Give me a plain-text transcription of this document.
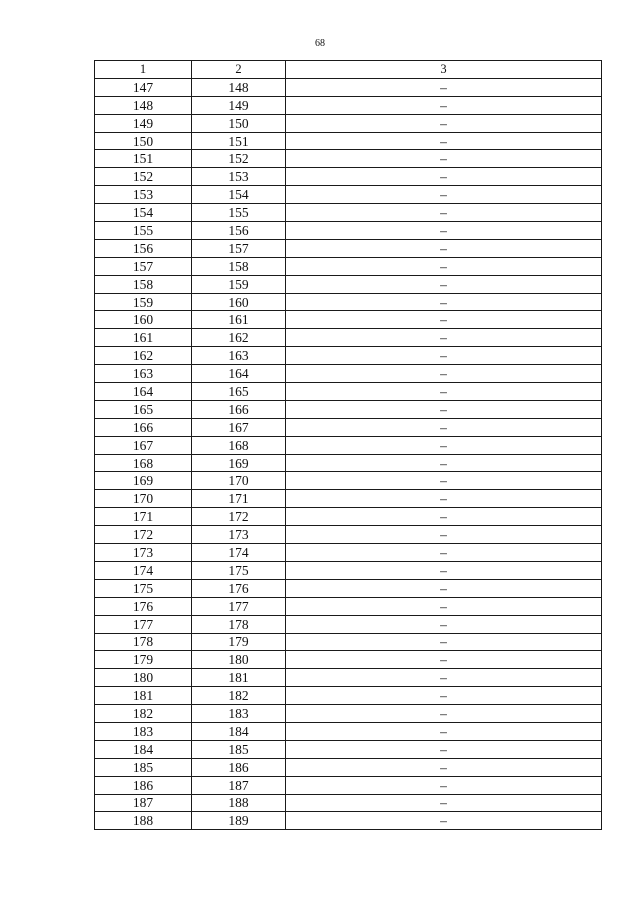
68
1	2	3
147	148	–
148	149	–
149	150	–
150	151	–
151	152	–
152	153	–
153	154	–
154	155	–
155	156	–
156	157	–
157	158	–
158	159	–
159	160	–
160	161	–
161	162	–
162	163	–
163	164	–
164	165	–
165	166	–
166	167	–
167	168	–
168	169	–
169	170	–
170	171	–
171	172	–
172	173	–
173	174	–
174	175	–
175	176	–
176	177	–
177	178	–
178	179	–
179	180	–
180	181	–
181	182	–
182	183	–
183	184	–
184	185	–
185	186	–
186	187	–
187	188	–
188	189	–
